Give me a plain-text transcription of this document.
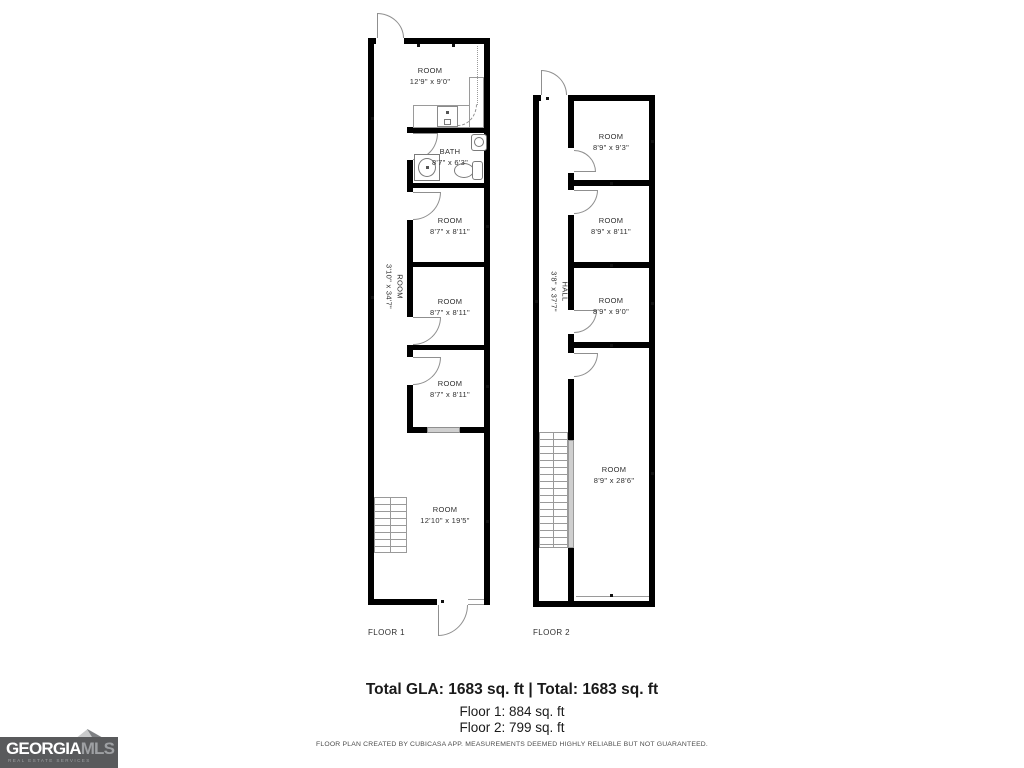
ROOM
12'9" x 9'0"
BATH
8'7" x 6'3"
ROOM
8'7" x 8'11"
ROOM
8'7" x 8'11"
ROOM
8'7" x 8'11"
ROOM
3'10" x 34'7"
ROOM
12'10" x 19'5"
FLOOR 1
ROOM
8'9" x 9'3"
ROOM
8'9" x 8'11"
ROOM
8'9" x 9'0"
HALL
3'8" x 37'7"
ROOM
8'9" x 28'6"
FLOOR 2
Total GLA: 1683 sq. ft | Total: 1683 sq. ft
Floor 1: 884 sq. ft
Floor 2: 799 sq. ft
FLOOR PLAN CREATED BY CUBICASA APP. MEASUREMENTS DEEMED HIGHLY RELIABLE BUT NOT GUARANTEED.
GEORGIAMLS
REAL ESTATE SERVICES
